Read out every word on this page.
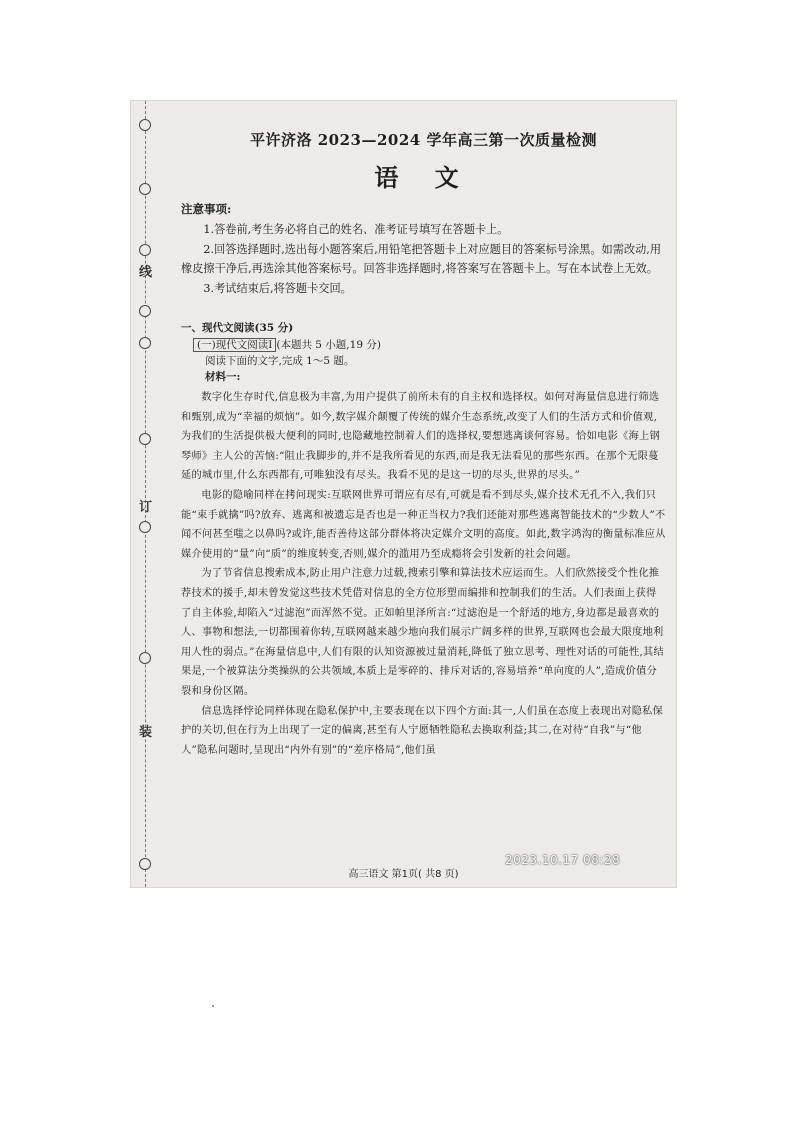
线
订
装
平许济洛 2023—2024 学年高三第一次质量检测
语 文
注意事项:

1.答卷前,考生务必将自己的姓名、准考证号填写在答题卡上。

2.回答选择题时,选出每小题答案后,用铅笔把答题卡上对应题目的答案标号涂黑。如需改动,用橡皮擦干净后,再选涂其他答案标号。回答非选择题时,将答案写在答题卡上。写在本试卷上无效。

3.考试结束后,将答题卡交回。

一、现代文阅读(35 分)
(一)现代文阅读Ⅰ (本题共 5 小题,19 分)
阅读下面的文字,完成 1～5 题。
材料一:

数字化生存时代,信息极为丰富,为用户提供了前所未有的自主权和选择权。如何对海量信息进行筛选和甄别,成为“幸福的烦恼”。如今,数字媒介颠覆了传统的媒介生态系统,改变了人们的生活方式和价值观,为我们的生活提供极大便利的同时,也隐藏地控制着人们的选择权,要想逃离谈何容易。恰如电影《海上钢琴师》主人公的苦恼:“阻止我脚步的,并不是我所看见的东西,而是我无法看见的那些东西。在那个无限蔓延的城市里,什么东西都有,可唯独没有尽头。我看不见的是这一切的尽头,世界的尽头。”

电影的隐喻同样在拷问现实:互联网世界可谓应有尽有,可就是看不到尽头,媒介技术无孔不入,我们只能“束手就擒”吗?放弃、逃离和被遗忘是否也是一种正当权力?我们还能对那些逃离智能技术的“少数人”不闻不问甚至嗤之以鼻吗?或许,能否善待这部分群体将决定媒介文明的高度。如此,数字鸿沟的衡量标准应从媒介使用的“量”向“质”的维度转变,否则,媒介的滥用乃至成瘾将会引发新的社会问题。

为了节省信息搜索成本,防止用户注意力过载,搜索引擎和算法技术应运而生。人们欣然接受个性化推荐技术的援手,却未曾发觉这些技术凭借对信息的全方位形塑而编排和控制我们的生活。人们表面上获得了自主体验,却陷入“过滤泡”而浑然不觉。正如帕里泽所言:“过滤泡是一个舒适的地方,身边都是最喜欢的人、事物和想法,一切都围着你转,互联网越来越少地向我们展示广阔多样的世界,互联网也会最大限度地利用人性的弱点。”在海量信息中,人们有限的认知资源被过量消耗,降低了独立思考、理性对话的可能性,其结果是,一个被算法分类操纵的公共领域,本质上是零碎的、排斥对话的,容易培养“单向度的人”,造成价值分裂和身份区隔。

信息选择悖论同样体现在隐私保护中,主要表现在以下四个方面:其一,人们虽在态度上表现出对隐私保护的关切,但在行为上出现了一定的偏离,甚至有人宁愿牺牲隐私去换取利益;其二,在对待“自我”与“他人”隐私问题时,呈现出“内外有别”的“差序格局”,他们虽

高三语文 第1页( 共8 页)
2023.10.17 08:28
